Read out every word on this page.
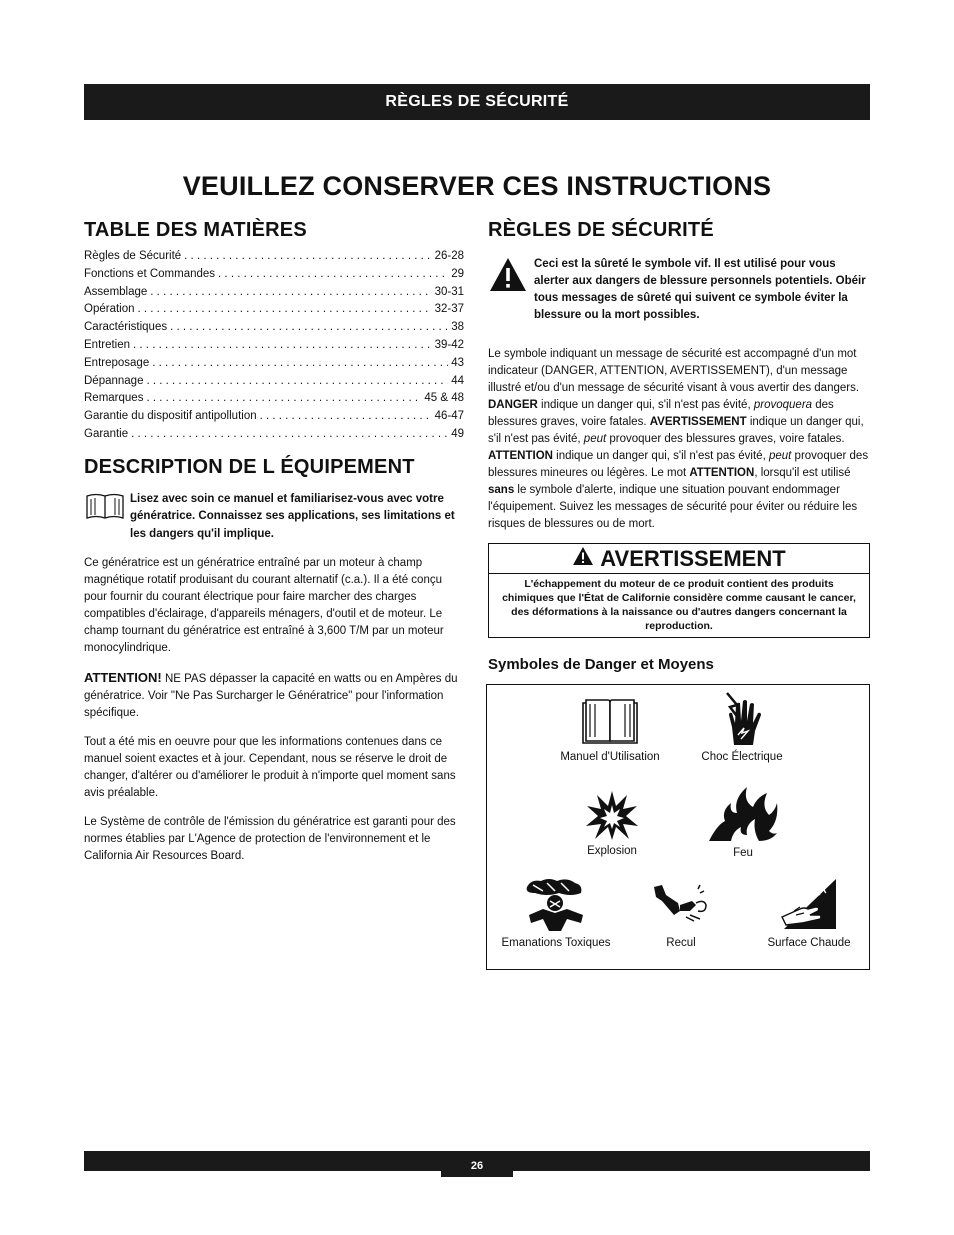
RÈGLES DE SÉCURITÉ
VEUILLEZ CONSERVER CES INSTRUCTIONS
TABLE DES MATIÈRES
Règles de Sécurité . . .	26-28
Fonctions et Commandes . . .	29
Assemblage . . .	30-31
Opération . . .	32-37
Caractéristiques . . .	38
Entretien . . .	39-42
Entreposage . . .	43
Dépannage . . .	44
Remarques . . .	45 & 48
Garantie du dispositif antipollution . . .	46-47
Garantie . . .	49
DESCRIPTION DE L ÉQUIPEMENT
Lisez avec soin ce manuel et familiarisez-vous avec votre génératrice. Connaissez ses applications, ses limitations et les dangers qu'il implique.

Ce génératrice est un génératrice entraîné par un moteur à champ magnétique rotatif produisant du courant alternatif (c.a.). Il a été conçu pour fournir du courant électrique pour faire marcher des charges compatibles d'éclairage, d'appareils ménagers, d'outil et de moteur. Le champ tournant du génératrice est entraîné à 3,600 T/M par un moteur monocylindrique.

ATTENTION! NE PAS dépasser la capacité en watts ou en Ampères du génératrice. Voir "Ne Pas Surcharger le Génératrice" pour l'information spécifique.

Tout a été mis en oeuvre pour que les informations contenues dans ce manuel soient exactes et à jour. Cependant, nous se réserve le droit de changer, d'altérer ou d'améliorer le produit à n'importe quel moment sans avis préalable.

Le Système de contrôle de l'émission du génératrice est garanti pour des normes établies par L'Agence de protection de l'environnement et le California Air Resources Board.

RÈGLES DE SÉCURITÉ
Ceci est la sûreté le symbole vif. Il est utilisé pour vous alerter aux dangers de blessure personnels potentiels. Obéir tous messages de sûreté qui suivent ce symbole éviter la blessure ou la mort possibles.

Le symbole indiquant un message de sécurité est accompagné d'un mot indicateur (DANGER, ATTENTION, AVERTISSEMENT), d'un message illustré et/ou d'un message de sécurité visant à vous avertir des dangers. DANGER indique un danger qui, s'il n'est pas évité, provoquera des blessures graves, voire fatales. AVERTISSEMENT indique un danger qui, s'il n'est pas évité, peut provoquer des blessures graves, voire fatales. ATTENTION indique un danger qui, s'il n'est pas évité, peut provoquer des blessures mineures ou légères. Le mot ATTENTION, lorsqu'il est utilisé sans le symbole d'alerte, indique une situation pouvant endommager l'équipement. Suivez les messages de sécurité pour éviter ou réduire les risques de blessures ou de mort.

AVERTISSEMENT
L'échappement du moteur de ce produit contient des produits chimiques que l'État de Californie considère comme causant le cancer, des déformations à la naissance ou d'autres dangers concernant la reproduction.
Symboles de Danger et Moyens
Manuel d'Utilisation	Choc Électrique
Explosion	Feu
Emanations Toxiques	Recul	Surface Chaude
26
